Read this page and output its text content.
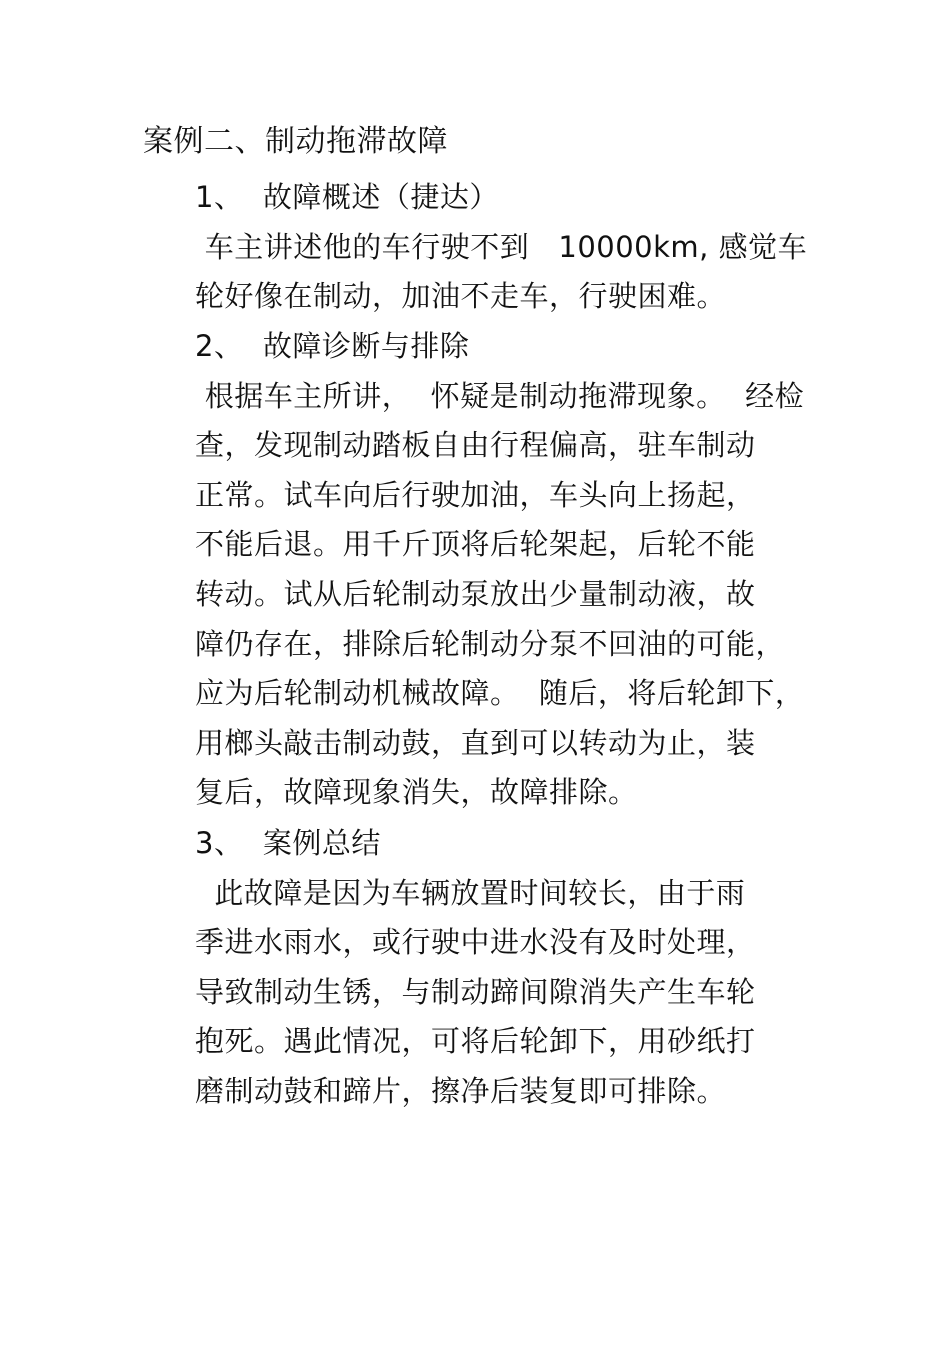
案例二、制动拖滞故障
1、  故障概述（捷达）
车主讲述他的车行驶不到   10000km, 感觉车
轮好像在制动，加油不走车，行驶困难。
2、  故障诊断与排除
根据车主所讲，  怀疑是制动拖滞现象。  经检
查，发现制动踏板自由行程偏高，驻车制动
正常。试车向后行驶加油，车头向上扬起，
不能后退。用千斤顶将后轮架起，后轮不能
转动。试从后轮制动泵放出少量制动液，故
障仍存在，排除后轮制动分泵不回油的可能，
应为后轮制动机械故障。  随后，将后轮卸下，
用榔头敲击制动鼓，直到可以转动为止，装
复后，故障现象消失，故障排除。
3、  案例总结
此故障是因为车辆放置时间较长，由于雨
季进水雨水，或行驶中进水没有及时处理，
导致制动生锈，与制动蹄间隙消失产生车轮
抱死。遇此情况，可将后轮卸下，用砂纸打
磨制动鼓和蹄片，擦净后装复即可排除。
